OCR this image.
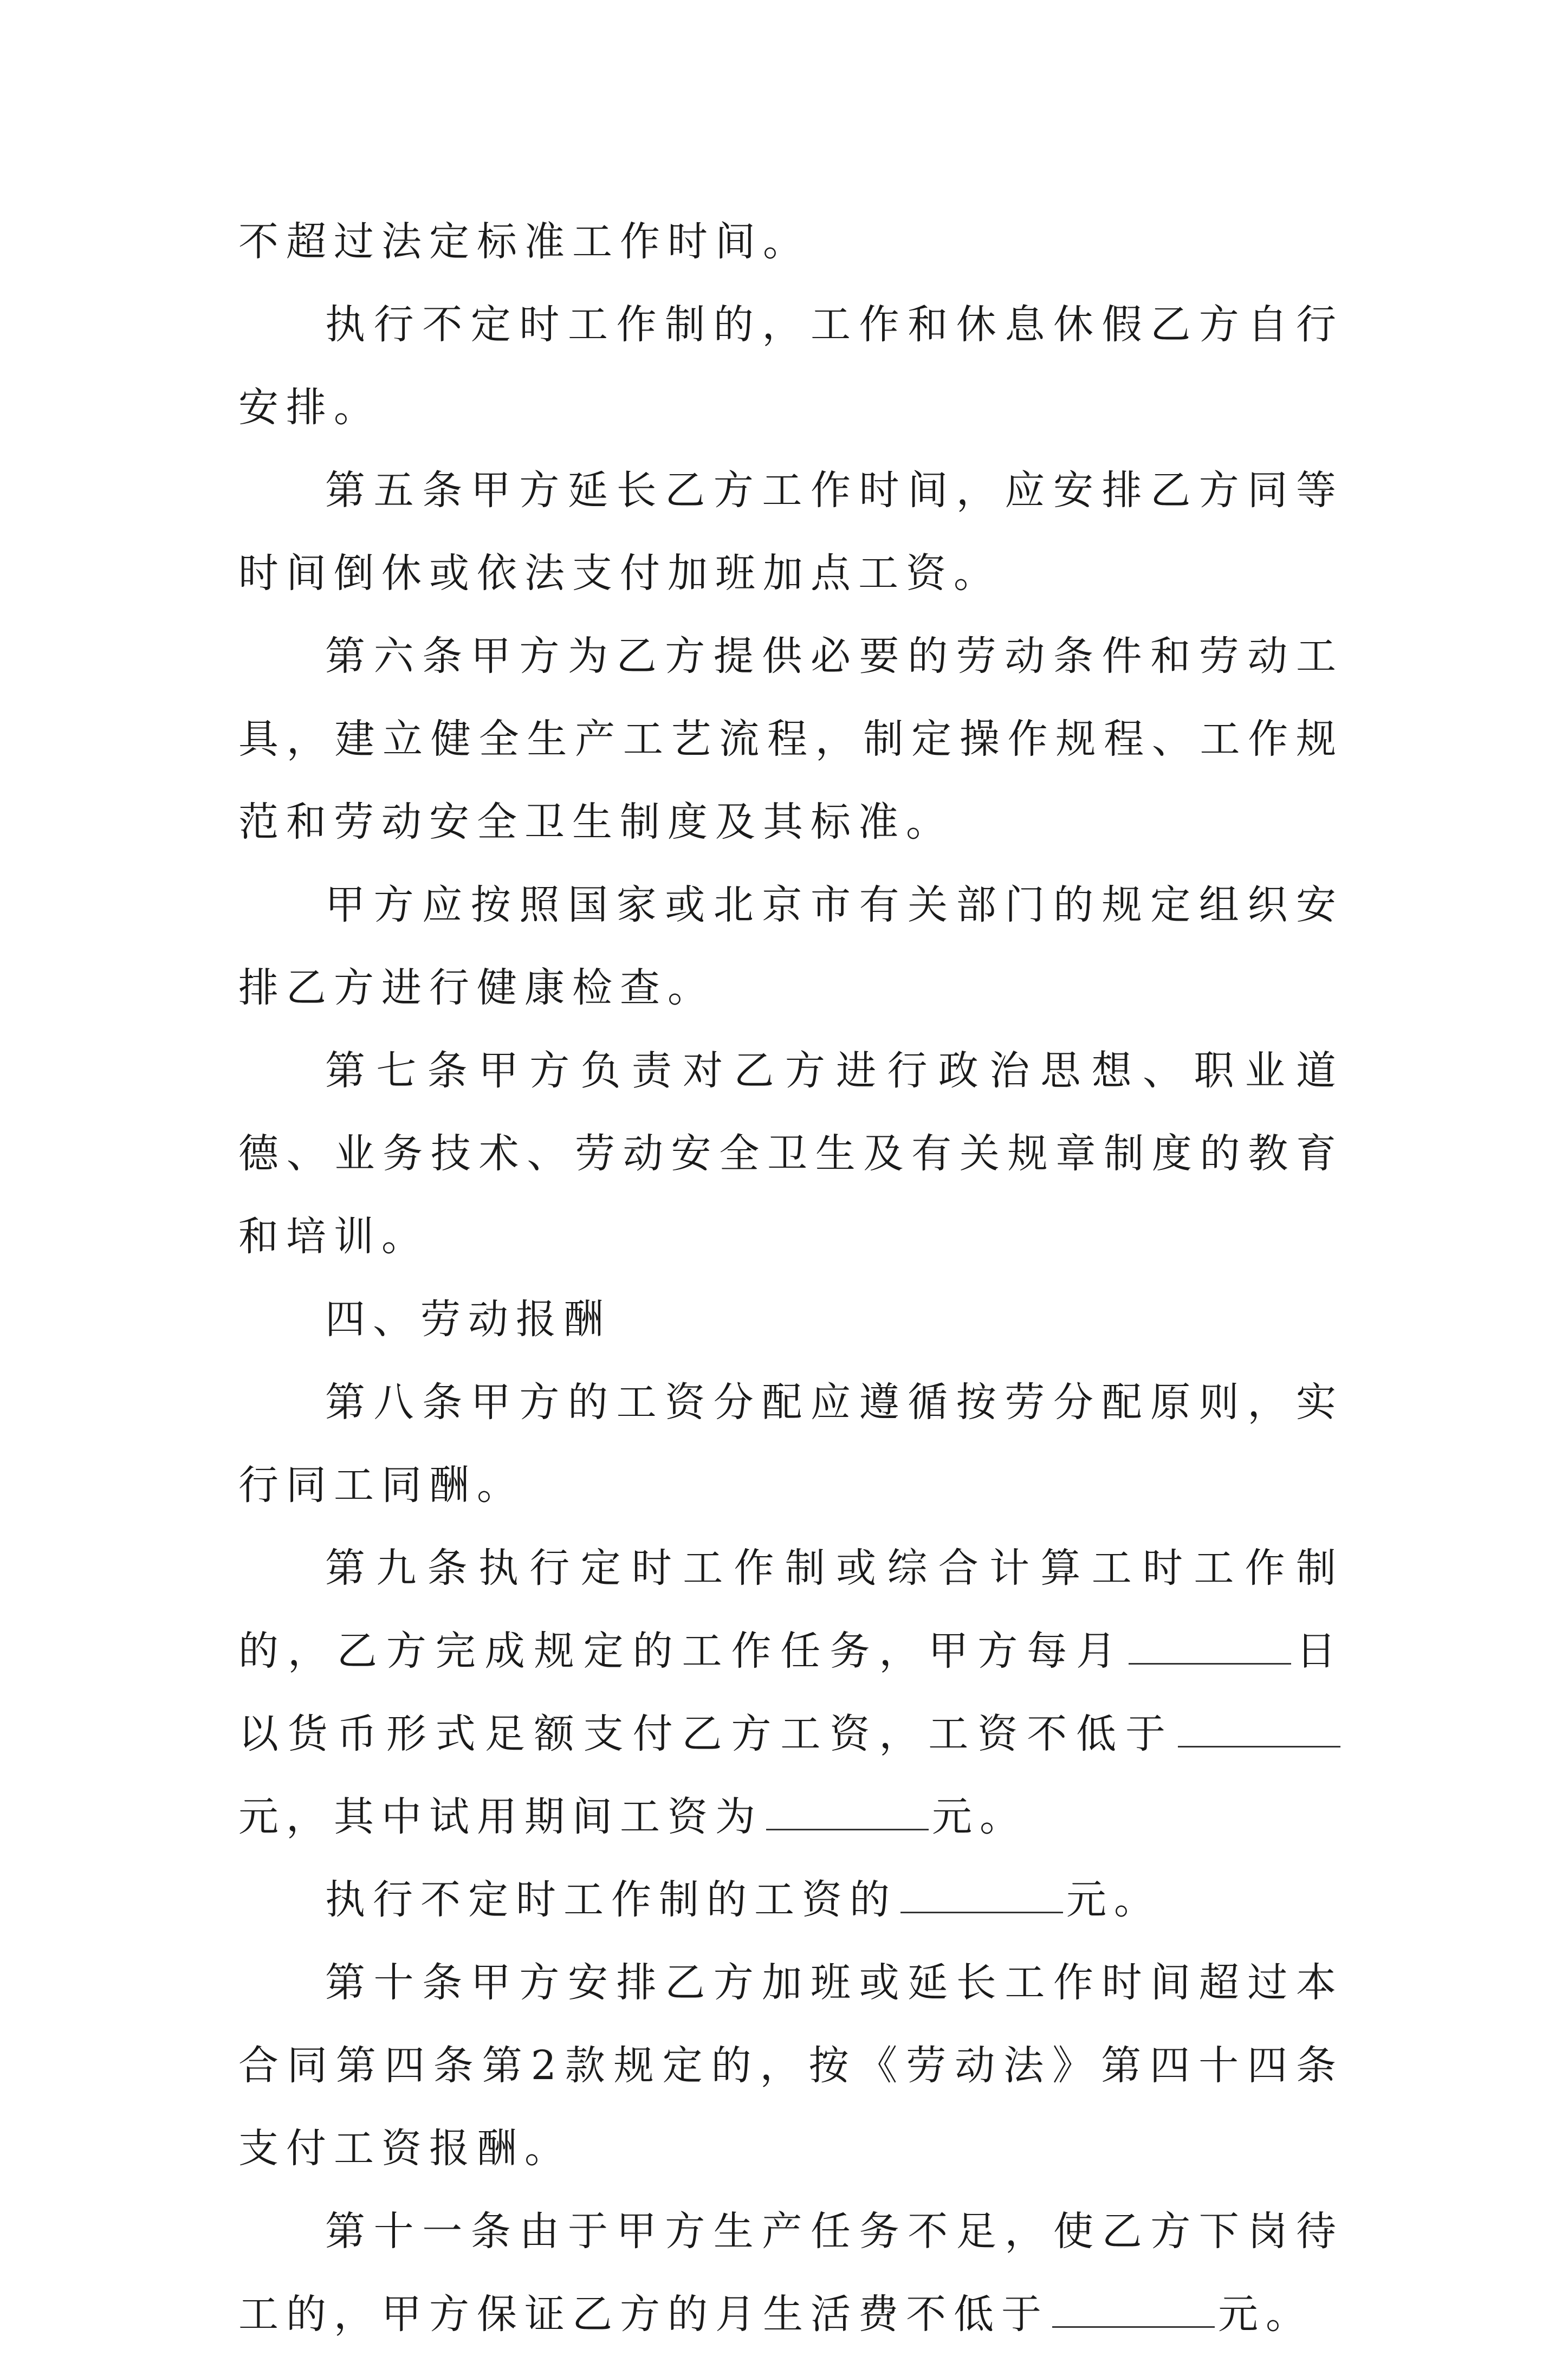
不超过法定标准工作时间。

执行不定时工作制的，工作和休息休假乙方自行安排。

第五条甲方延长乙方工作时间，应安排乙方同等时间倒休或依法支付加班加点工资。

第六条甲方为乙方提供必要的劳动条件和劳动工具，建立健全生产工艺流程，制定操作规程、工作规范和劳动安全卫生制度及其标准。

甲方应按照国家或北京市有关部门的规定组织安排乙方进行健康检查。

第七条甲方负责对乙方进行政治思想、职业道德、业务技术、劳动安全卫生及有关规章制度的教育和培训。

四、劳动报酬

第八条甲方的工资分配应遵循按劳分配原则，实行同工同酬。

第九条执行定时工作制或综合计算工时工作制的，乙方完成规定的工作任务，甲方每月	日以货币形式足额支付乙方工资，工资不低于元，其中试用期间工资为	元。

执行不定时工作制的工资的	元。

第十条甲方安排乙方加班或延长工作时间超过本合同第四条第2款规定的，按《劳动法》第四十四条支付工资报酬。

第十一条由于甲方生产任务不足，使乙方下岗待工的，甲方保证乙方的月生活费不低于	元。
